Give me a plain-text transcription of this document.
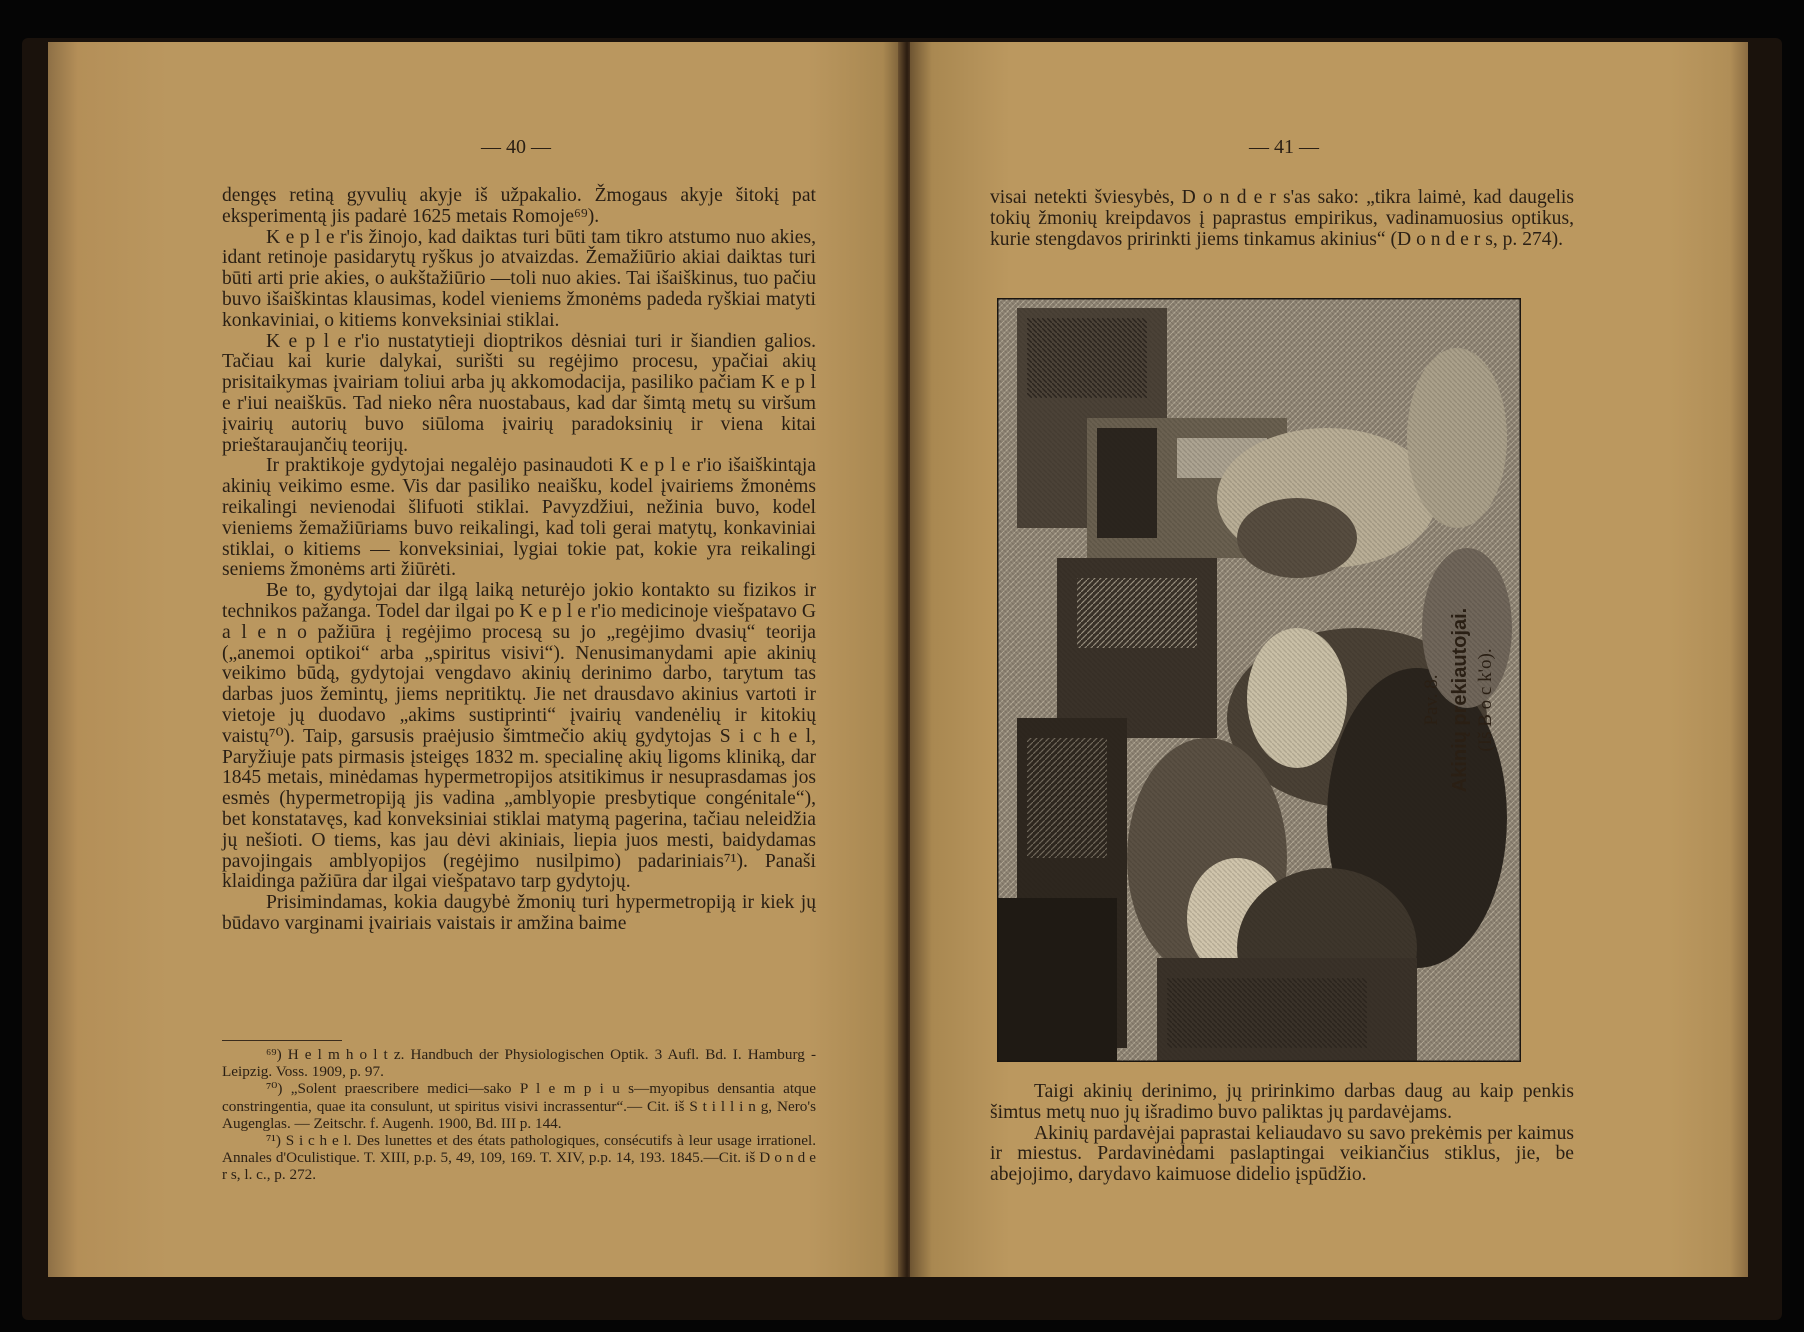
— 40 —

dengęs retiną gyvulių akyje iš užpakalio. Žmogaus akyje šitokį pat eksperimentą jis padarė 1625 metais Romoje⁶⁹).

K e p l e r'is žinojo, kad daiktas turi būti tam tikro atstumo nuo akies, idant retinoje pasidarytų ryškus jo atvaizdas. Žemažiūrio akiai daiktas turi būti arti prie akies, o aukštažiūrio —toli nuo akies. Tai išaiškinus, tuo pačiu buvo išaiškintas klausimas, kodel vieniems žmonėms padeda ryškiai matyti konkaviniai, o kitiems konveksiniai stiklai.

K e p l e r'io nustatytieji dioptrikos dėsniai turi ir šiandien galios. Tačiau kai kurie dalykai, surišti su regėjimo procesu, ypačiai akių prisitaikymas įvairiam toliui arba jų akkomodacija, pasiliko pačiam K e p l e r'iui neaiškūs. Tad nieko nêra nuostabaus, kad dar šimtą metų su viršum įvairių autorių buvo siūloma įvairių paradoksinių ir viena kitai prieštaraujančių teorijų.

Ir praktikoje gydytojai negalėjo pasinaudoti K e p l e r'io išaiškintąja akinių veikimo esme. Vis dar pasiliko neaišku, kodel įvairiems žmonėms reikalingi nevienodai šlifuoti stiklai. Pavyzdžiui, nežinia buvo, kodel vieniems žemažiūriams buvo reikalingi, kad toli gerai matytų, konkaviniai stiklai, o kitiems — konveksiniai, lygiai tokie pat, kokie yra reikalingi seniems žmonėms arti žiūrėti.

Be to, gydytojai dar ilgą laiką neturėjo jokio kontakto su fizikos ir technikos pažanga. Todel dar ilgai po K e p l e r'io medicinoje viešpatavo G a l e n o pažiūra į regėjimo procesą su jo „regėjimo dvasių“ teorija („anemoi optikoi“ arba „spiritus visivi“). Nenusimanydami apie akinių veikimo būdą, gydytojai vengdavo akinių derinimo darbo, tarytum tas darbas juos žemintų, jiems nepritiktų. Jie net drausdavo akinius vartoti ir vietoje jų duodavo „akims sustiprinti“ įvairių vandenėlių ir kitokių vaistų⁷⁰). Taip, garsusis praėjusio šimtmečio akių gydytojas S i c h e l, Paryžiuje pats pirmasis įsteigęs 1832 m. specialinę akių ligoms kliniką, dar 1845 metais, minėdamas hypermetropijos atsitikimus ir nesuprasdamas jos esmės (hypermetropiją jis vadina „amblyopie presbytique congénitale“), bet konstatavęs, kad konveksiniai stiklai matymą pagerina, tačiau neleidžia jų nešioti. O tiems, kas jau dėvi akiniais, liepia juos mesti, baidydamas pavojingais amblyopijos (regėjimo nusilpimo) padariniais⁷¹). Panaši klaidinga pažiūra dar ilgai viešpatavo tarp gydytojų.

Prisimindamas, kokia daugybė žmonių turi hypermetropiją ir kiek jų būdavo varginami įvairiais vaistais ir amžina baime

⁶⁹) H e l m h o l t z. Handbuch der Physiologischen Optik. 3 Aufl. Bd. I. Hamburg - Leipzig. Voss. 1909, p. 97.

⁷⁰) „Solent praescribere medici—sako P l e m p i u s—myopibus densantia atque constringentia, quae ita consulunt, ut spiritus visivi incrassentur“.— Cit. iš S t i l l i n g, Nero's Augenglas. — Zeitschr. f. Augenh. 1900, Bd. III p. 144.

⁷¹) S i c h e l. Des lunettes et des états pathologiques, consécutifs à leur usage irrationel. Annales d'Oculistique. T. XIII, p.p. 5, 49, 109, 169. T. XIV, p.p. 14, 193. 1845.—Cit. iš D o n d e r s, l. c., p. 272.

— 41 —

visai netekti šviesybės, D o n d e r s'as sako: „tikra laimė, kad daugelis tokių žmonių kreipdavos į paprastus empirikus, vadinamuosius optikus, kurie stengdavos pririnkti jiems tinkamus akinius“ (D o n d e r s, p. 274).

Pav. 8. Akinių prekiautojai. (Iš B o c k'o).

Taigi akinių derinimo, jų pririnkimo darbas daug au kaip penkis šimtus metų nuo jų išradimo buvo paliktas jų pardavėjams.

Akinių pardavėjai paprastai keliaudavo su savo prekėmis per kaimus ir miestus. Pardavinėdami paslaptingai veikiančius stiklus, jie, be abejojimo, darydavo kaimuose didelio įspūdžio.
